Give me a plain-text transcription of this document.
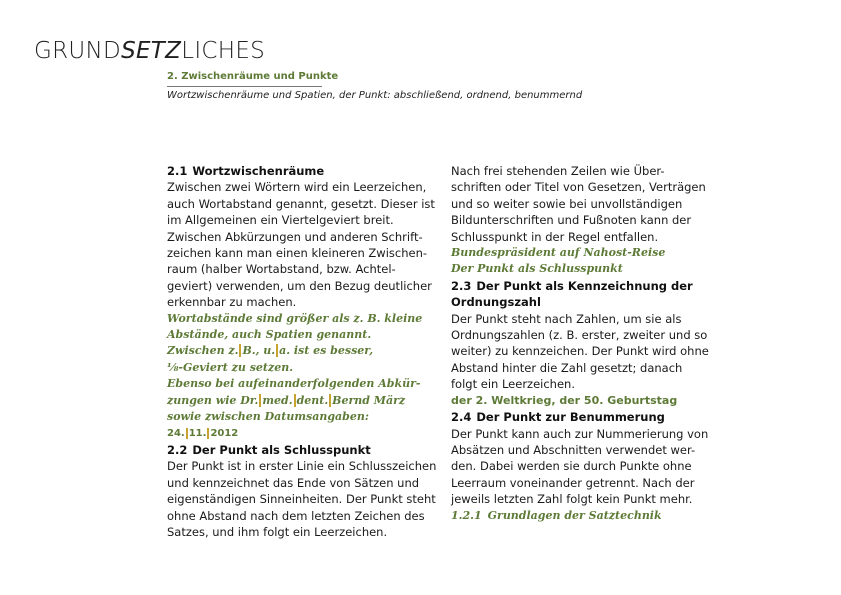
GRUNDSETZLICHES
2. Zwischenräume und Punkte
Wortzwischenräume und Spatien, der Punkt: abschließend, ordnend, benummernd
2.1 Wortzwischenräume

Zwischen zwei Wörtern wird ein Leerzeichen,
auch Wortabstand genannt, gesetzt. Dieser ist
im Allgemeinen ein Viertelgeviert breit.
Zwischen Abkürzungen und anderen Schrift-
zeichen kann man einen kleineren Zwischen-
raum (halber Wortabstand, bzw. Achtel-
geviert) verwenden, um den Bezug deutlicher
erkennbar zu machen.

Wortabstände sind größer als z. B. kleine
Abstände, auch Spatien genannt.

Zwischen z. B., u. a. ist es besser,
⅛-Geviert zu setzen.
Ebenso bei aufeinanderfolgenden Abkür-
zungen wie Dr. med. dent. Bernd März
sowie zwischen Datumsangaben:
24. 11. 2012

2.2 Der Punkt als Schlusspunkt

Der Punkt ist in erster Linie ein Schlusszeichen
und kennzeichnet das Ende von Sätzen und
eigenständigen Sinneinheiten. Der Punkt steht
ohne Abstand nach dem letzten Zeichen des
Satzes, und ihm folgt ein Leerzeichen.

Nach frei stehenden Zeilen wie Über-
schriften oder Titel von Gesetzen, Verträgen
und so weiter sowie bei unvollständigen
Bildunterschriften und Fußnoten kann der
Schlusspunkt in der Regel entfallen.

Bundespräsident auf Nahost-Reise
Der Punkt als Schlusspunkt

2.3 Der Punkt als Kennzeichnung der
Ordnungszahl

Der Punkt steht nach Zahlen, um sie als
Ordnungszahlen (z. B. erster, zweiter und so
weiter) zu kennzeichen. Der Punkt wird ohne
Abstand hinter die Zahl gesetzt; danach
folgt ein Leerzeichen.

der 2. Weltkrieg, der 50. Geburtstag

2.4 Der Punkt zur Benummerung

Der Punkt kann auch zur Nummerierung von
Absätzen und Abschnitten verwendet wer-
den. Dabei werden sie durch Punkte ohne
Leerraum voneinander getrennt. Nach der
jeweils letzten Zahl folgt kein Punkt mehr.

1.2.1 Grundlagen der Satztechnik
